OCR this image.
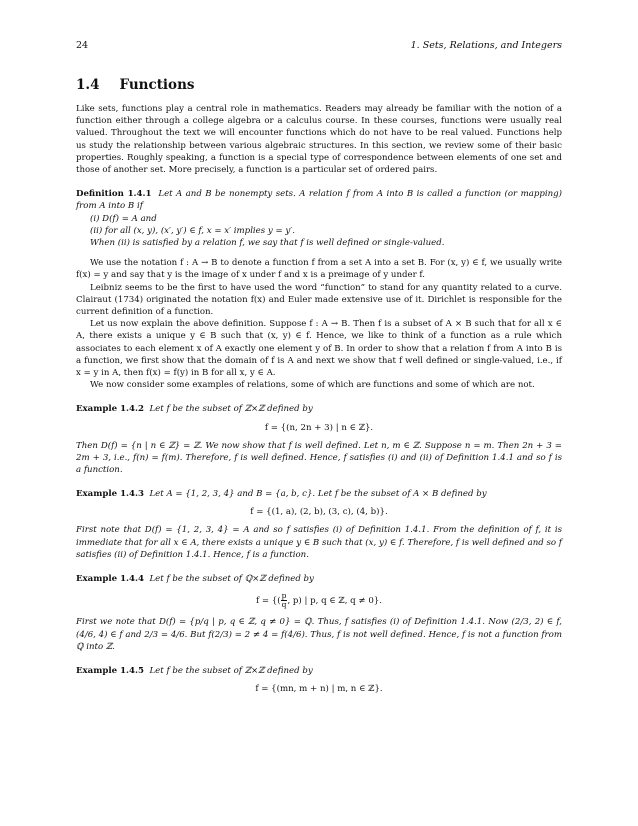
24	1. Sets, Relations, and Integers
1.4 Functions

Like sets, functions play a central role in mathematics. Readers may already be familiar with the notion of a function either through a college algebra or a calculus course. In these courses, functions were usually real valued. Throughout the text we will encounter functions which do not have to be real valued. Functions help us study the relationship between various algebraic structures. In this section, we review some of their basic properties. Roughly speaking, a function is a special type of correspondence between elements of one set and those of another set. More precisely, a function is a particular set of ordered pairs.

Definition 1.4.1 Let A and B be nonempty sets. A relation f from A into B is called a function (or mapping) from A into B if

(i) D(f) = A and
(ii) for all (x, y), (x′, y′) ∈ f, x = x′ implies y = y′.
When (ii) is satisfied by a relation f, we say that f is well defined or single-valued.

We use the notation f : A → B to denote a function f from a set A into a set B. For (x, y) ∈ f, we usually write f(x) = y and say that y is the image of x under f and x is a preimage of y under f.

Leibniz seems to be the first to have used the word “function” to stand for any quantity related to a curve. Clairaut (1734) originated the notation f(x) and Euler made extensive use of it. Dirichlet is responsible for the current definition of a function.

Let us now explain the above definition. Suppose f : A → B. Then f is a subset of A × B such that for all x ∈ A, there exists a unique y ∈ B such that (x, y) ∈ f. Hence, we like to think of a function as a rule which associates to each element x of A exactly one element y of B. In order to show that a relation f from A into B is a function, we first show that the domain of f is A and next we show that f well defined or single-valued, i.e., if x = y in A, then f(x) = f(y) in B for all x, y ∈ A.

We now consider some examples of relations, some of which are functions and some of which are not.

Example 1.4.2 Let f be the subset of ℤ×ℤ defined by

f = {(n, 2n + 3) | n ∈ ℤ}.

Then D(f) = {n | n ∈ ℤ} = ℤ. We now show that f is well defined. Let n, m ∈ ℤ. Suppose n = m. Then 2n + 3 = 2m + 3, i.e., f(n) = f(m). Therefore, f is well defined. Hence, f satisfies (i) and (ii) of Definition 1.4.1 and so f is a function.

Example 1.4.3 Let A = {1, 2, 3, 4} and B = {a, b, c}. Let f be the subset of A × B defined by

f = {(1, a), (2, b), (3, c), (4, b)}.

First note that D(f) = {1, 2, 3, 4} = A and so f satisfies (i) of Definition 1.4.1. From the definition of f, it is immediate that for all x ∈ A, there exists a unique y ∈ B such that (x, y) ∈ f. Therefore, f is well defined and so f satisfies (ii) of Definition 1.4.1. Hence, f is a function.

Example 1.4.4 Let f be the subset of ℚ×ℤ defined by

f = {( $\frac{p}{q}$ , p) | p, q ∈ ℤ, q ≠ 0}.

First we note that D(f) = {p/q | p, q ∈ ℤ, q ≠ 0} = ℚ. Thus, f satisfies (i) of Definition 1.4.1. Now (2/3, 2) ∈ f, (4/6, 4) ∈ f and 2/3 = 4/6. But f(2/3) = 2 ≠ 4 = f(4/6). Thus, f is not well defined. Hence, f is not a function from ℚ into ℤ.

Example 1.4.5 Let f be the subset of ℤ×ℤ defined by

f = {(mn, m + n) | m, n ∈ ℤ}.
